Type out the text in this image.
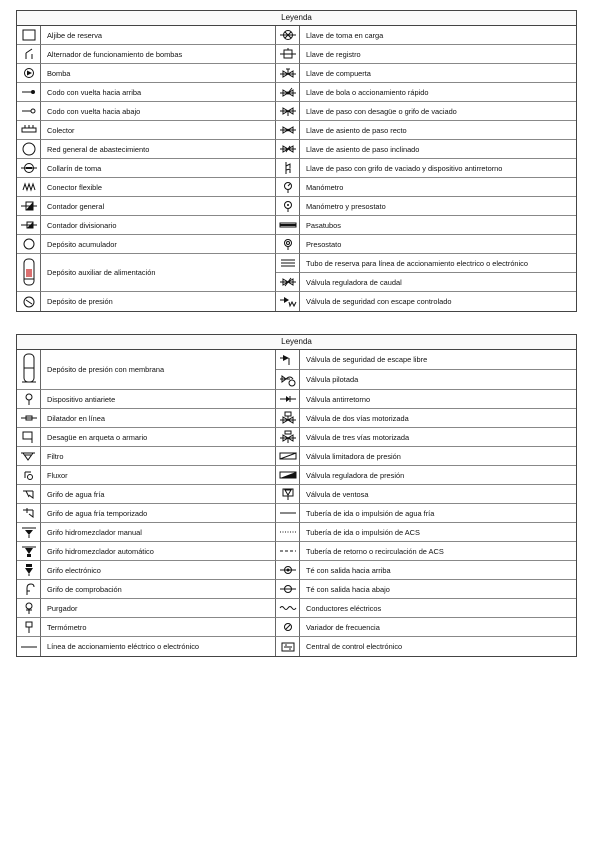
Leyenda
Aljibe de reserva	Llave de toma en carga
Alternador de funcionamiento de bombas	Llave de registro
Bomba	Llave de compuerta
Codo con vuelta hacia arriba	Llave de bola o accionamiento rápido
Codo con vuelta hacia abajo	Llave de paso con desagüe o grifo de vaciado
Colector	Llave de asiento de paso recto
Red general de abastecimiento	Llave de asiento de paso inclinado
Collarín de toma	Llave de paso con grifo de vaciado y dispositivo antirretorno
Conector flexible	Manómetro
Contador general	Manómetro y presostato
Contador divisionario	Pasatubos
Depósito acumulador	Presostato
Depósito auxiliar de alimentación
Tubo de reserva para línea de accionamiento electrico o electrónico
Válvula reguladora de caudal
Depósito de presión	Válvula de seguridad con escape controlado
Leyenda
Depósito de presión con membrana
Válvula de seguridad de escape libre
Válvula pilotada
Dispositivo antiariete	Válvula antirretorno
Dilatador en línea	Válvula de dos vías motorizada
Desagüe en arqueta o armario	Válvula de tres vías motorizada
Filtro	Válvula limitadora de presión
Fluxor	Válvula reguladora de presión
Grifo de agua fría	Válvula de ventosa
Grifo de agua fría temporizado	Tubería de ida o impulsión de agua fría
Grifo hidromezclador manual	Tubería de ida o impulsión de ACS
Grifo hidromezclador automático	Tubería de retorno o recirculación de ACS
Grifo electrónico	Té con salida hacia arriba
Grifo de comprobación	Té con salida hacia abajo
Purgador	Conductores eléctricos
Termómetro	Variador de frecuencia
Línea de accionamiento eléctrico o electrónico	Central de control electrónico
